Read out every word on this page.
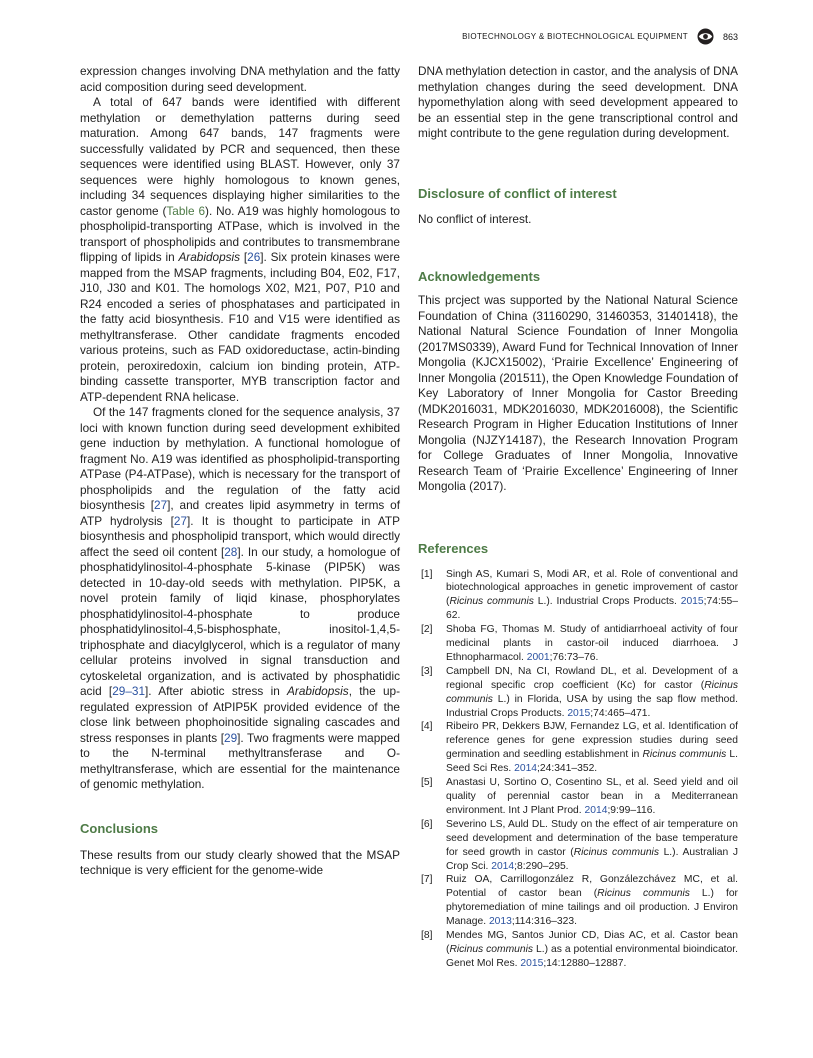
BIOTECHNOLOGY & BIOTECHNOLOGICAL EQUIPMENT	863

expression changes involving DNA methylation and the fatty acid composition during seed development.

A total of 647 bands were identified with different methylation or demethylation patterns during seed maturation. Among 647 bands, 147 fragments were successfully validated by PCR and sequenced, then these sequences were identified using BLAST. However, only 37 sequences were highly homologous to known genes, including 34 sequences displaying higher similarities to the castor genome (Table 6). No. A19 was highly homologous to phospholipid-transporting ATPase, which is involved in the transport of phospholipids and contributes to transmembrane flipping of lipids in Arabidopsis [26]. Six protein kinases were mapped from the MSAP fragments, including B04, E02, F17, J10, J30 and K01. The homologs X02, M21, P07, P10 and R24 encoded a series of phosphatases and participated in the fatty acid biosynthesis. F10 and V15 were identified as methyltransferase. Other candidate fragments encoded various proteins, such as FAD oxidoreductase, actin-binding protein, peroxiredoxin, calcium ion binding protein, ATP-binding cassette transporter, MYB transcription factor and ATP-dependent RNA helicase.

Of the 147 fragments cloned for the sequence analysis, 37 loci with known function during seed development exhibited gene induction by methylation. A functional homologue of fragment No. A19 was identified as phospholipid-transporting ATPase (P4-ATPase), which is necessary for the transport of phospholipids and the regulation of the fatty acid biosynthesis [27], and creates lipid asymmetry in terms of ATP hydrolysis [27]. It is thought to participate in ATP biosynthesis and phospholipid transport, which would directly affect the seed oil content [28]. In our study, a homologue of phosphatidylinositol-4-phosphate 5-kinase (PIP5K) was detected in 10-day-old seeds with methylation. PIP5K, a novel protein family of liqid kinase, phosphorylates phosphatidylinositol-4-phosphate to produce phosphatidylinositol-4,5-bisphosphate, inositol-1,4,5-triphosphate and diacylglycerol, which is a regulator of many cellular proteins involved in signal transduction and cytoskeletal organization, and is activated by phosphatidic acid [29–31]. After abiotic stress in Arabidopsis, the up-regulated expression of AtPIP5K provided evidence of the close link between phophoinositide signaling cascades and stress responses in plants [29]. Two fragments were mapped to the N-terminal methyltransferase and O-methyltransferase, which are essential for the maintenance of genomic methylation.

Conclusions

These results from our study clearly showed that the MSAP technique is very efficient for the genome-wide

DNA methylation detection in castor, and the analysis of DNA methylation changes during the seed development. DNA hypomethylation along with seed development appeared to be an essential step in the gene transcriptional control and might contribute to the gene regulation during development.

Disclosure of conflict of interest

No conflict of interest.

Acknowledgements

This prcject was supported by the National Natural Science Foundation of China (31160290, 31460353, 31401418), the National Natural Science Foundation of Inner Mongolia (2017MS0339), Award Fund for Technical Innovation of Inner Mongolia (KJCX15002), ‘Prairie Excellence’ Engineering of Inner Mongolia (201511), the Open Knowledge Foundation of Key Laboratory of Inner Mongolia for Castor Breeding (MDK2016031, MDK2016030, MDK2016008), the Scientific Research Program in Higher Education Institutions of Inner Mongolia (NJZY14187), the Research Innovation Program for College Graduates of Inner Mongolia, Innovative Research Team of ‘Prairie Excellence’ Engineering of Inner Mongolia (2017).

References
[1] Singh AS, Kumari S, Modi AR, et al. Role of conventional and biotechnological approaches in genetic improvement of castor (Ricinus communis L.). Industrial Crops Products. 2015;74:55–62.
[2] Shoba FG, Thomas M. Study of antidiarrhoeal activity of four medicinal plants in castor-oil induced diarrhoea. J Ethnopharmacol. 2001;76:73–76.
[3] Campbell DN, Na CI, Rowland DL, et al. Development of a regional specific crop coefficient (Kc) for castor (Ricinus communis L.) in Florida, USA by using the sap flow method. Industrial Crops Products. 2015;74:465–471.
[4] Ribeiro PR, Dekkers BJW, Fernandez LG, et al. Identification of reference genes for gene expression studies during seed germination and seedling establishment in Ricinus communis L. Seed Sci Res. 2014;24:341–352.
[5] Anastasi U, Sortino O, Cosentino SL, et al. Seed yield and oil quality of perennial castor bean in a Mediterranean environment. Int J Plant Prod. 2014;9:99–116.
[6] Severino LS, Auld DL. Study on the effect of air temperature on seed development and determination of the base temperature for seed growth in castor (Ricinus communis L.). Australian J Crop Sci. 2014;8:290–295.
[7] Ruiz OA, Carrillogonzález R, Gonzálezchávez MC, et al. Potential of castor bean (Ricinus communis L.) for phytoremediation of mine tailings and oil production. J Environ Manage. 2013;114:316–323.
[8] Mendes MG, Santos Junior CD, Dias AC, et al. Castor bean (Ricinus communis L.) as a potential environmental bioindicator. Genet Mol Res. 2015;14:12880–12887.
